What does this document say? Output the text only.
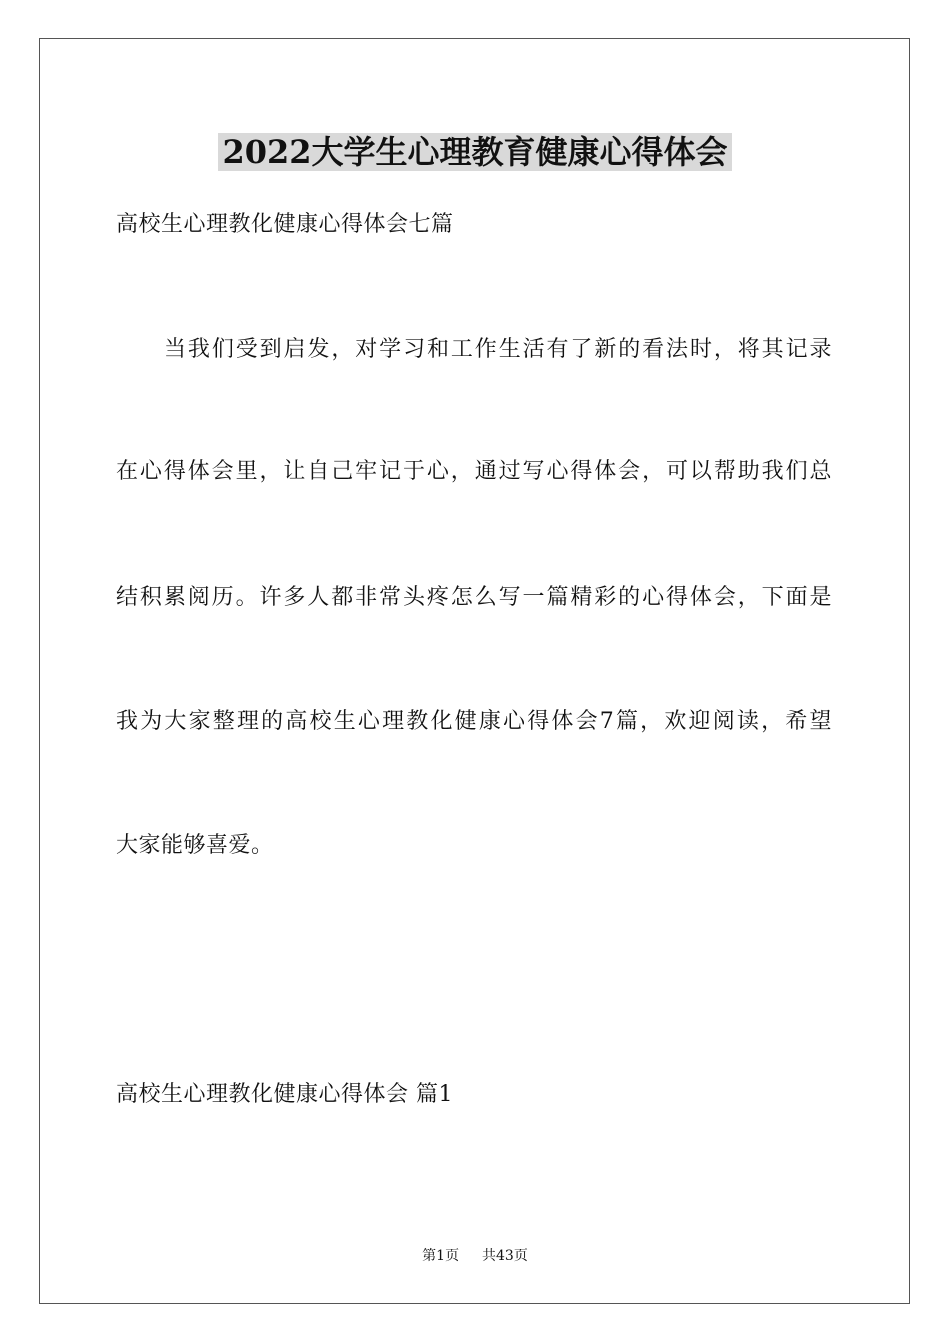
2022大学生心理教育健康心得体会
高校生心理教化健康心得体会七篇
当我们受到启发，对学习和工作生活有了新的看法时，将其记录
在心得体会里，让自己牢记于心，通过写心得体会，可以帮助我们总
结积累阅历。许多人都非常头疼怎么写一篇精彩的心得体会，下面是
我为大家整理的高校生心理教化健康心得体会7篇，欢迎阅读，希望
大家能够喜爱。
高校生心理教化健康心得体会 篇1
第1页 共43页
